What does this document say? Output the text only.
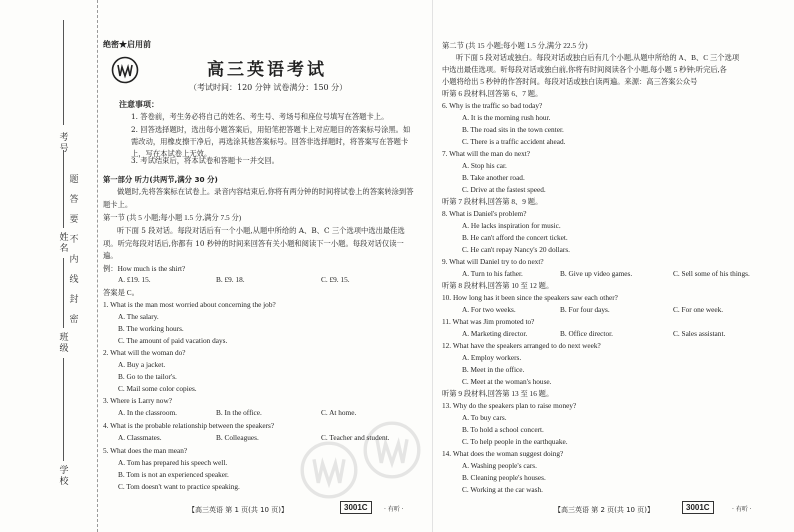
题
答
要
不
内
线
封
密
考号
姓名
班级
学校
绝密★启用前
高三英语考试
（考试时间：120 分钟 试卷满分：150 分）
注意事项：
1. 答卷前，考生务必将自己的姓名、考生号、考场号和座位号填写在答题卡上。
2. 回答选择题时，选出每小题答案后，用铅笔把答题卡上对应题目的答案标号涂黑。如需改动，用橡皮擦干净后，再选涂其他答案标号。回答非选择题时，将答案写在答题卡上，写在本试卷上无效。
3. 考试结束后，将本试卷和答题卡一并交回。
第一部分 听力(共两节,满分 30 分)
做题时,先将答案标在试卷上。录音内容结束后,你将有两分钟的时间将试卷上的答案转涂到答题卡上。
第一节 (共 5 小题;每小题 1.5 分,满分 7.5 分)
听下面 5 段对话。每段对话后有一个小题,从题中所给的 A、B、C 三个选项中选出最佳选项。听完每段对话后,你都有 10 秒钟的时间来回答有关小题和阅读下一小题。每段对话仅读一遍。
例：How much is the shirt?
A. £19. 15.	B. £9. 18.	C. £9. 15.
答案是 C。
1. What is the man most worried about concerning the job?
A. The salary.
B. The working hours.
C. The amount of paid vacation days.
2. What will the woman do?
A. Buy a jacket.
B. Go to the tailor's.
C. Mail some color copies.
3. Where is Larry now?
A. In the classroom.	B. In the office.	C. At home.
4. What is the probable relationship between the speakers?
A. Classmates.	B. Colleagues.	C. Teacher and student.
5. What does the man mean?
A. Tom has prepared his speech well.
B. Tom is not an experienced speaker.
C. Tom doesn't want to practice speaking.
【高三英语 第 1 页(共 10 页)】	3001C	· 有听 ·
第二节 (共 15 小题;每小题 1.5 分,满分 22.5 分)
听下面 5 段对话或独白。每段对话或独白后有几个小题,从题中所给的 A、B、C 三个选项
中选出最佳选项。听每段对话或独白前,你将有时间阅读各个小题,每小题 5 秒钟;听完后,各
小题将给出 5 秒钟的作答时间。每段对话或独白读两遍。来源：高三答案公众号
听第 6 段材料,回答第 6、7 题。
6. Why is the traffic so bad today?
A. It is the morning rush hour.
B. The road sits in the town center.
C. There is a traffic accident ahead.
7. What will the man do next?
A. Stop his car.
B. Take another road.
C. Drive at the fastest speed.
听第 7 段材料,回答第 8、9 题。
8. What is Daniel's problem?
A. He lacks inspiration for music.
B. He can't afford the concert ticket.
C. He can't repay Nancy's 20 dollars.
9. What will Daniel try to do next?
A. Turn to his father.	B. Give up video games.	C. Sell some of his things.
听第 8 段材料,回答第 10 至 12 题。
10. How long has it been since the speakers saw each other?
A. For two weeks.	B. For four days.	C. For one week.
11. What was Jim promoted to?
A. Marketing director.	B. Office director.	C. Sales assistant.
12. What have the speakers arranged to do next week?
A. Employ workers.
B. Meet in the office.
C. Meet at the woman's house.
听第 9 段材料,回答第 13 至 16 题。
13. Why do the speakers plan to raise money?
A. To buy cars.
B. To hold a school concert.
C. To help people in the earthquake.
14. What does the woman suggest doing?
A. Washing people's cars.
B. Cleaning people's houses.
C. Working at the car wash.
【高三英语 第 2 页(共 10 页)】	3001C	· 有听 ·
